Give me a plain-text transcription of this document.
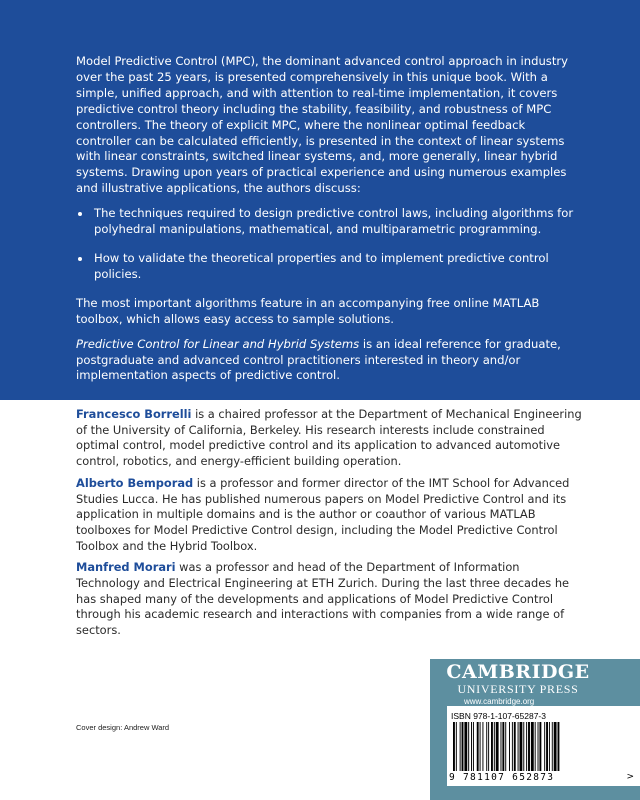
Model Predictive Control (MPC), the dominant advanced control approach in industry over the past 25 years, is presented comprehensively in this unique book. With a simple, unified approach, and with attention to real-time implementation, it covers predictive control theory including the stability, feasibility, and robustness of MPC controllers. The theory of explicit MPC, where the nonlinear optimal feedback controller can be calculated efficiently, is presented in the context of linear systems with linear constraints, switched linear systems, and, more generally, linear hybrid systems. Drawing upon years of practical experience and using numerous examples and illustrative applications, the authors discuss:

The techniques required to design predictive control laws, including algorithms for polyhedral manipulations, mathematical, and multiparametric programming.
How to validate the theoretical properties and to implement predictive control policies.

The most important algorithms feature in an accompanying free online MATLAB toolbox, which allows easy access to sample solutions.

Predictive Control for Linear and Hybrid Systems is an ideal reference for graduate, postgraduate and advanced control practitioners interested in theory and/or implementation aspects of predictive control.

Francesco Borrelli is a chaired professor at the Department of Mechanical Engineering of the University of California, Berkeley. His research interests include constrained optimal control, model predictive control and its application to advanced automotive control, robotics, and energy-efficient building operation.

Alberto Bemporad is a professor and former director of the IMT School for Advanced Studies Lucca. He has published numerous papers on Model Predictive Control and its application in multiple domains and is the author or coauthor of various MATLAB toolboxes for Model Predictive Control design, including the Model Predictive Control Toolbox and the Hybrid Toolbox.

Manfred Morari was a professor and head of the Department of Information Technology and Electrical Engineering at ETH Zurich. During the last three decades he has shaped many of the developments and applications of Model Predictive Control through his academic research and interactions with companies from a wide range of sectors.

Cover design: Andrew Ward
CAMBRIDGE
UNIVERSITY PRESS
www.cambridge.org
ISBN 978-1-107-65287-3
9 781107 652873	>
